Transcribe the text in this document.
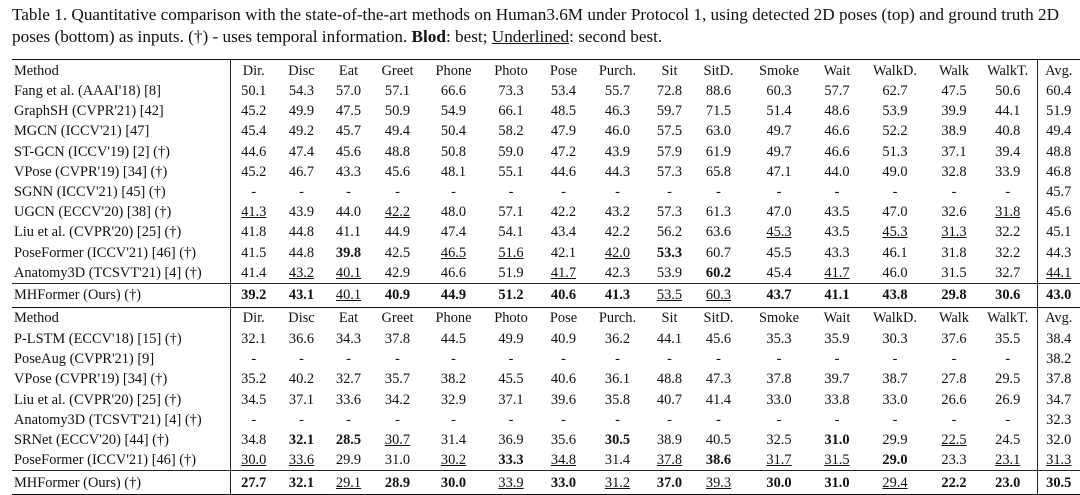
Table 1. Quantitative comparison with the state-of-the-art methods on Human3.6M under Protocol 1, using detected 2D poses (top) and ground truth 2D poses (bottom) as inputs. (†) - uses temporal information. Blod: best; Underlined: second best.
Method	Dir.	Disc	Eat	Greet	Phone	Photo	Pose	Purch.	Sit	SitD.	Smoke	Wait	WalkD.	Walk	WalkT.	Avg.
Fang et al. (AAAI'18) [8]	50.1	54.3	57.0	57.1	66.6	73.3	53.4	55.7	72.8	88.6	60.3	57.7	62.7	47.5	50.6	60.4
GraphSH (CVPR'21) [42]	45.2	49.9	47.5	50.9	54.9	66.1	48.5	46.3	59.7	71.5	51.4	48.6	53.9	39.9	44.1	51.9
MGCN (ICCV'21) [47]	45.4	49.2	45.7	49.4	50.4	58.2	47.9	46.0	57.5	63.0	49.7	46.6	52.2	38.9	40.8	49.4
ST-GCN (ICCV'19) [2] (†)	44.6	47.4	45.6	48.8	50.8	59.0	47.2	43.9	57.9	61.9	49.7	46.6	51.3	37.1	39.4	48.8
VPose (CVPR'19) [34] (†)	45.2	46.7	43.3	45.6	48.1	55.1	44.6	44.3	57.3	65.8	47.1	44.0	49.0	32.8	33.9	46.8
SGNN (ICCV'21) [45] (†)	-	-	-	-	-	-	-	-	-	-	-	-	-	-	-	45.7
UGCN (ECCV'20) [38] (†)	41.3	43.9	44.0	42.2	48.0	57.1	42.2	43.2	57.3	61.3	47.0	43.5	47.0	32.6	31.8	45.6
Liu et al. (CVPR'20) [25] (†)	41.8	44.8	41.1	44.9	47.4	54.1	43.4	42.2	56.2	63.6	45.3	43.5	45.3	31.3	32.2	45.1
PoseFormer (ICCV'21) [46] (†)	41.5	44.8	39.8	42.5	46.5	51.6	42.1	42.0	53.3	60.7	45.5	43.3	46.1	31.8	32.2	44.3
Anatomy3D (TCSVT'21) [4] (†)	41.4	43.2	40.1	42.9	46.6	51.9	41.7	42.3	53.9	60.2	45.4	41.7	46.0	31.5	32.7	44.1
MHFormer (Ours) (†)	39.2	43.1	40.1	40.9	44.9	51.2	40.6	41.3	53.5	60.3	43.7	41.1	43.8	29.8	30.6	43.0
Method	Dir.	Disc	Eat	Greet	Phone	Photo	Pose	Purch.	Sit	SitD.	Smoke	Wait	WalkD.	Walk	WalkT.	Avg.
P-LSTM (ECCV'18) [15] (†)	32.1	36.6	34.3	37.8	44.5	49.9	40.9	36.2	44.1	45.6	35.3	35.9	30.3	37.6	35.5	38.4
PoseAug (CVPR'21) [9]	-	-	-	-	-	-	-	-	-	-	-	-	-	-	-	38.2
VPose (CVPR'19) [34] (†)	35.2	40.2	32.7	35.7	38.2	45.5	40.6	36.1	48.8	47.3	37.8	39.7	38.7	27.8	29.5	37.8
Liu et al. (CVPR'20) [25] (†)	34.5	37.1	33.6	34.2	32.9	37.1	39.6	35.8	40.7	41.4	33.0	33.8	33.0	26.6	26.9	34.7
Anatomy3D (TCSVT'21) [4] (†)	-	-	-	-	-	-	-	-	-	-	-	-	-	-	-	32.3
SRNet (ECCV'20) [44] (†)	34.8	32.1	28.5	30.7	31.4	36.9	35.6	30.5	38.9	40.5	32.5	31.0	29.9	22.5	24.5	32.0
PoseFormer (ICCV'21) [46] (†)	30.0	33.6	29.9	31.0	30.2	33.3	34.8	31.4	37.8	38.6	31.7	31.5	29.0	23.3	23.1	31.3
MHFormer (Ours) (†)	27.7	32.1	29.1	28.9	30.0	33.9	33.0	31.2	37.0	39.3	30.0	31.0	29.4	22.2	23.0	30.5
